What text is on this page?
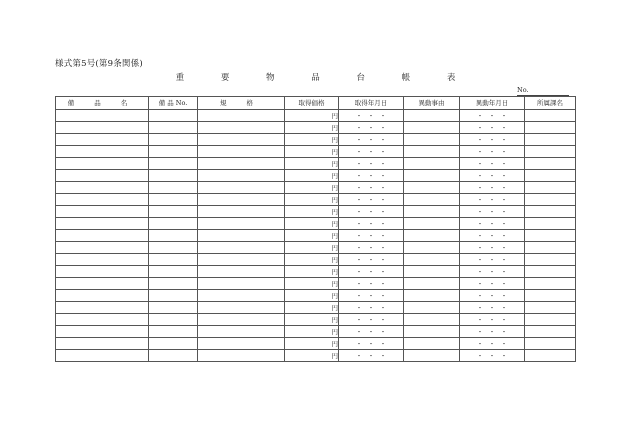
様式第5号(第9条関係)
重 要 物 品 台 帳 表
No.
備 品 名	備 品 No.	規 格	取得価格	取得年月日	異動事由	異動年月日	所属課名
			円	・ ・ ・		・ ・ ・	
			円	・ ・ ・		・ ・ ・	
			円	・ ・ ・		・ ・ ・	
			円	・ ・ ・		・ ・ ・	
			円	・ ・ ・		・ ・ ・	
			円	・ ・ ・		・ ・ ・	
			円	・ ・ ・		・ ・ ・	
			円	・ ・ ・		・ ・ ・	
			円	・ ・ ・		・ ・ ・	
			円	・ ・ ・		・ ・ ・	
			円	・ ・ ・		・ ・ ・	
			円	・ ・ ・		・ ・ ・	
			円	・ ・ ・		・ ・ ・	
			円	・ ・ ・		・ ・ ・	
			円	・ ・ ・		・ ・ ・	
			円	・ ・ ・		・ ・ ・	
			円	・ ・ ・		・ ・ ・	
			円	・ ・ ・		・ ・ ・	
			円	・ ・ ・		・ ・ ・	
			円	・ ・ ・		・ ・ ・	
			円	・ ・ ・		・ ・ ・	
